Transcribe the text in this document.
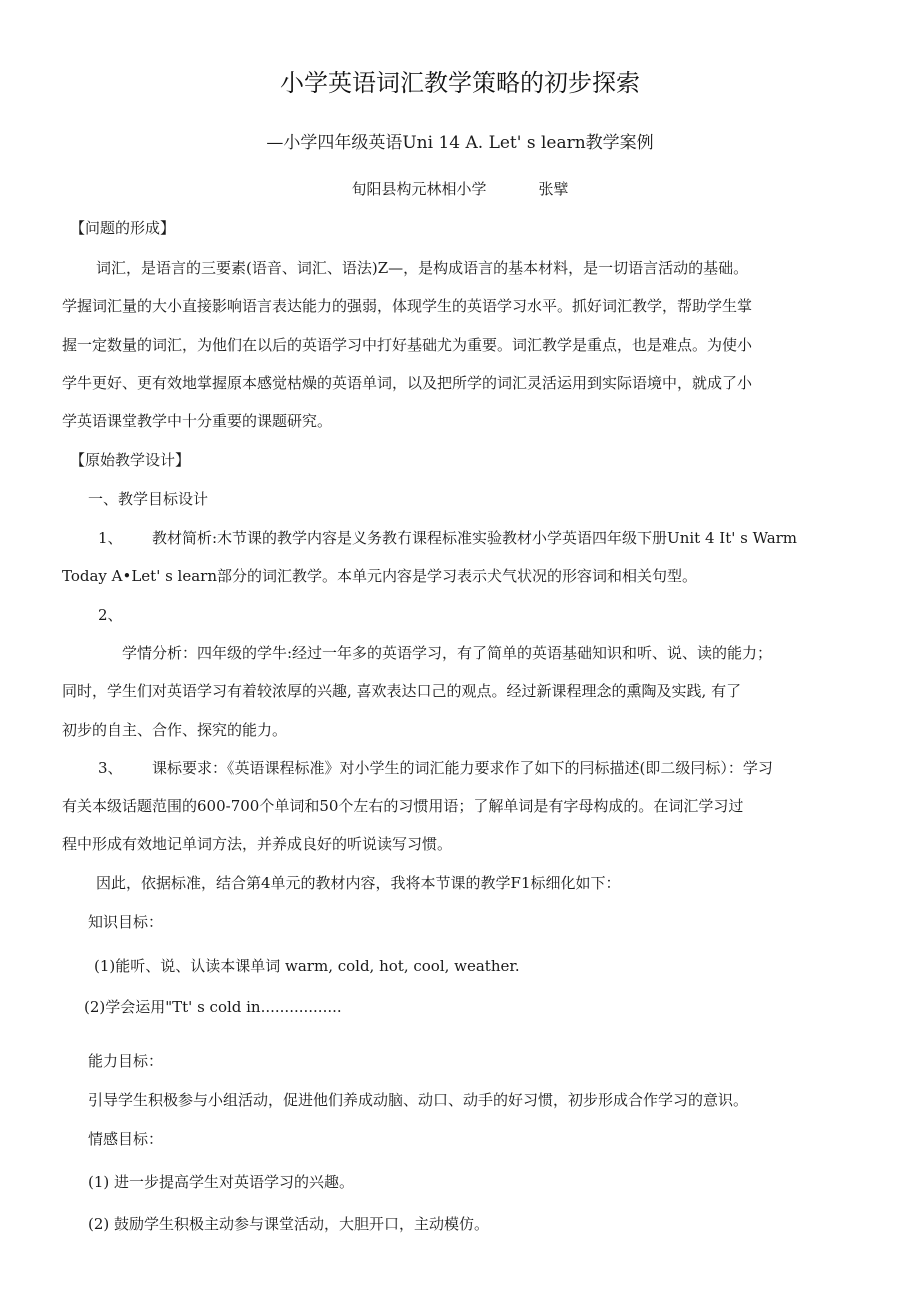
小学英语词汇教学策略的初步探索
—小学四年级英语Uni 14 A. Let' s learn教学案例
旬阳县构元林相小学	张擘
【问题的形成】
词汇，是语言的三要素(语音、词汇、语法)Z—，是构成语言的基本材料，是一切语言活动的基础。
学握词汇量的大小直接影响语言表达能力的强弱，体现学生的英语学习水平。抓好词汇教学，帮助学生掌
握一定数量的词汇，为他们在以后的英语学习中打好基础尤为重要。词汇教学是重点，也是难点。为使小
学牛更好、更有效地掌握原本感觉枯燥的英语单词，以及把所学的词汇灵活运用到实际语境中，就成了小
学英语课堂教学中十分重要的课题研究。
【原始教学设计】
一、教学目标设计
1、 教材简析:木节课的教学内容是义务教冇课程标准实验教材小学英语四年级下册Unit 4 It' s Warm
Today A•Let' s learn部分的词汇教学。本单元内容是学习表示犬气状况的形容词和相关句型。
2、
学情分析：四年级的学牛:经过一年多的英语学习，有了简单的英语基础知识和听、说、读的能力；
同时，学生们对英语学习有着较浓厚的兴趣, 喜欢表达口己的观点。经过新课程理念的熏陶及实践, 有了
初步的自主、合作、探究的能力。
3、 课标要求：《英语课程标准》对小学生的词汇能力要求作了如下的冃标描述(即二级冃标）：学习
有关本级话题范围的600-700个单词和50个左右的习惯用语；了解单词是有字母构成的。在词汇学习过
程中形成有效地记单词方法，并养成良好的听说读写习惯。
因此，依据标准，结合第4单元的教材内容，我将本节课的教学F1标细化如下：
知识目标：
(1)能听、说、认读本课单词 warm, cold, hot, cool, weather.
(2)学会运用"Tt' s cold in.................
能力目标：
引导学生积极参与小组活动，促进他们养成动脑、动口、动手的好习惯，初步形成合作学习的意识。
情感目标：
(1) 进一步提高学生对英语学习的兴趣。
(2) 鼓励学生积极主动参与课堂活动，大胆开口，主动模仿。
